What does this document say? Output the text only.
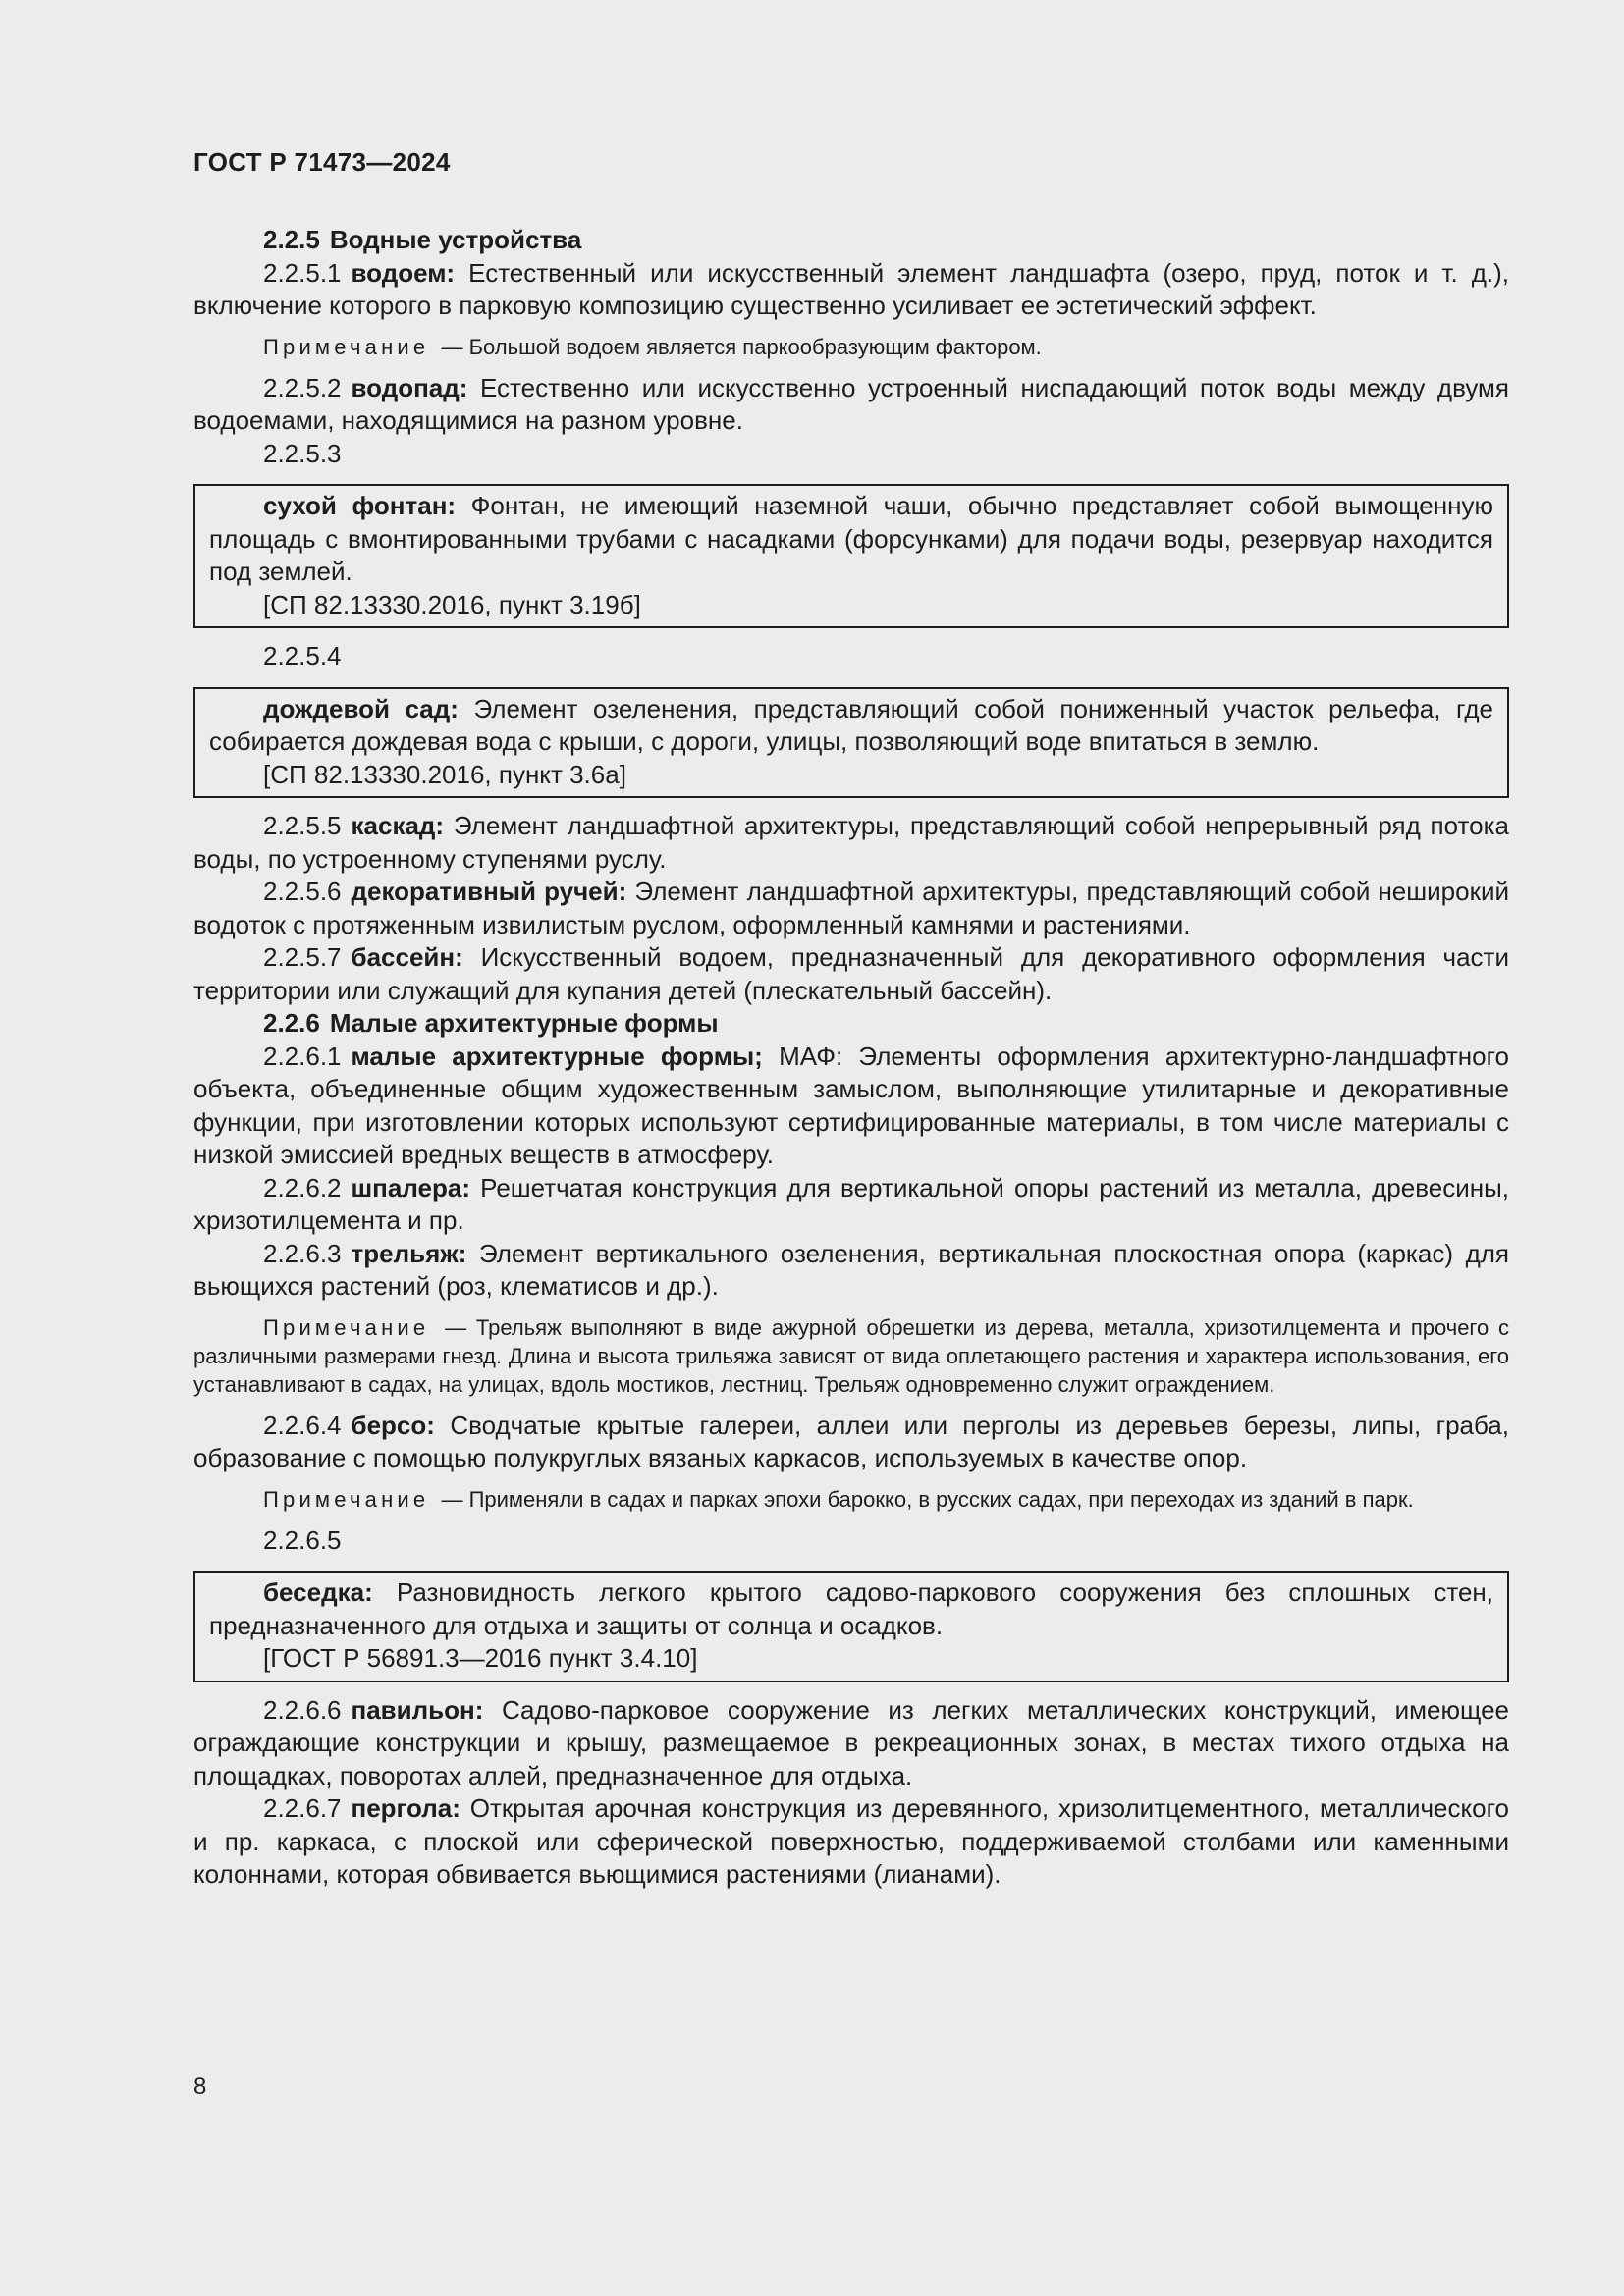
ГОСТ Р 71473—2024

2.2.5 Водные устройства

2.2.5.1 водоем: Естественный или искусственный элемент ландшафта (озеро, пруд, поток и т. д.), включение которого в парковую композицию существенно усиливает ее эстетический эффект.

Примечание — Большой водоем является паркообразующим фактором.

2.2.5.2 водопад: Естественно или искусственно устроенный ниспадающий поток воды между двумя водоемами, находящимися на разном уровне.

2.2.5.3

сухой фонтан: Фонтан, не имеющий наземной чаши, обычно представляет собой вымощенную площадь с вмонтированными трубами с насадками (форсунками) для подачи воды, резервуар находится под землей.

[СП 82.13330.2016, пункт 3.19б]

2.2.5.4

дождевой сад: Элемент озеленения, представляющий собой пониженный участок рельефа, где собирается дождевая вода с крыши, с дороги, улицы, позволяющий воде впитаться в землю.

[СП 82.13330.2016, пункт 3.6а]

2.2.5.5 каскад: Элемент ландшафтной архитектуры, представляющий собой непрерывный ряд потока воды, по устроенному ступенями руслу.

2.2.5.6 декоративный ручей: Элемент ландшафтной архитектуры, представляющий собой неширокий водоток с протяженным извилистым руслом, оформленный камнями и растениями.

2.2.5.7 бассейн: Искусственный водоем, предназначенный для декоративного оформления части территории или служащий для купания детей (плескательный бассейн).

2.2.6 Малые архитектурные формы

2.2.6.1 малые архитектурные формы; МАФ: Элементы оформления архитектурно-ландшафтного объекта, объединенные общим художественным замыслом, выполняющие утилитарные и декоративные функции, при изготовлении которых используют сертифицированные материалы, в том числе материалы с низкой эмиссией вредных веществ в атмосферу.

2.2.6.2 шпалера: Решетчатая конструкция для вертикальной опоры растений из металла, древесины, хризотилцемента и пр.

2.2.6.3 трельяж: Элемент вертикального озеленения, вертикальная плоскостная опора (каркас) для вьющихся растений (роз, клематисов и др.).

Примечание — Трельяж выполняют в виде ажурной обрешетки из дерева, металла, хризотилцемента и прочего с различными размерами гнезд. Длина и высота трильяжа зависят от вида оплетающего растения и характера использования, его устанавливают в садах, на улицах, вдоль мостиков, лестниц. Трельяж одновременно служит ограждением.

2.2.6.4 берсо: Сводчатые крытые галереи, аллеи или перголы из деревьев березы, липы, граба, образование с помощью полукруглых вязаных каркасов, используемых в качестве опор.

Примечание — Применяли в садах и парках эпохи барокко, в русских садах, при переходах из зданий в парк.

2.2.6.5

беседка: Разновидность легкого крытого садово-паркового сооружения без сплошных стен, предназначенного для отдыха и защиты от солнца и осадков.

[ГОСТ Р 56891.3—2016 пункт 3.4.10]

2.2.6.6 павильон: Садово-парковое сооружение из легких металлических конструкций, имеющее ограждающие конструкции и крышу, размещаемое в рекреационных зонах, в местах тихого отдыха на площадках, поворотах аллей, предназначенное для отдыха.

2.2.6.7 пергола: Открытая арочная конструкция из деревянного, хризолитцементного, металлического и пр. каркаса, с плоской или сферической поверхностью, поддерживаемой столбами или каменными колоннами, которая обвивается вьющимися растениями (лианами).

8
